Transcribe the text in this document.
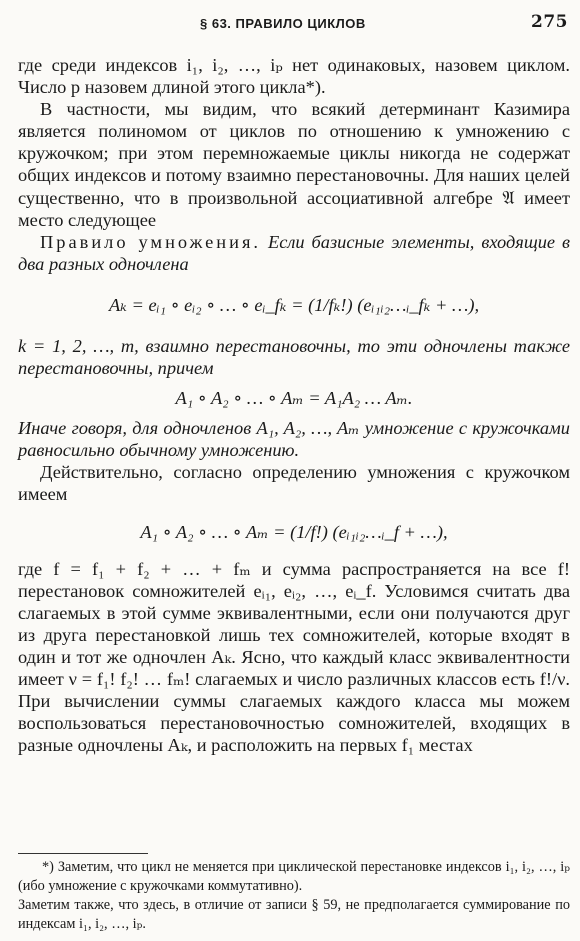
§ 63. ПРАВИЛО ЦИКЛОВ	275

где среди индексов i₁, i₂, …, iₚ нет одинаковых, назовем циклом. Число p назовем длиной этого цикла*).

В частности, мы видим, что всякий детерминант Казимира является полиномом от циклов по отношению к умножению с кружочком; при этом перемножаемые циклы никогда не содержат общих индексов и потому взаимно перестановочны. Для наших целей существенно, что в произвольной ассоциативной алгебре 𝔄 имеет место следующее

Правило умножения. Если базисные элементы, входящие в два разных одночлена

Aₖ = eᵢ₁ ∘ eᵢ₂ ∘ … ∘ eᵢ_fₖ = (1/fₖ!) (eᵢ₁ᵢ₂…ᵢ_fₖ + …),

k = 1, 2, …, m, взаимно перестановочны, то эти одночлены также перестановочны, причем

A₁ ∘ A₂ ∘ … ∘ Aₘ = A₁A₂ … Aₘ.

Иначе говоря, для одночленов A₁, A₂, …, Aₘ умножение с кружочками равносильно обычному умножению.

Действительно, согласно определению умножения с кружочком имеем

A₁ ∘ A₂ ∘ … ∘ Aₘ = (1/f!) (eᵢ₁ᵢ₂…ᵢ_f + …),

где f = f₁ + f₂ + … + fₘ и сумма распространяется на все f! перестановок сомножителей eᵢ₁, eᵢ₂, …, eᵢ_f. Условимся считать два слагаемых в этой сумме эквивалентными, если они получаются друг из друга перестановкой лишь тех сомножителей, которые входят в один и тот же одночлен Aₖ. Ясно, что каждый класс эквивалентности имеет ν = f₁! f₂! … fₘ! слагаемых и число различных классов есть f!/ν. При вычислении суммы слагаемых каждого класса мы можем воспользоваться перестановочностью сомножителей, входящих в разные одночлены Aₖ, и расположить на первых f₁ местах

*) Заметим, что цикл не меняется при циклической перестановке индексов i₁, i₂, …, iₚ (ибо умножение с кружочками коммутативно).

Заметим также, что здесь, в отличие от записи § 59, не предполагается суммирование по индексам i₁, i₂, …, iₚ.
